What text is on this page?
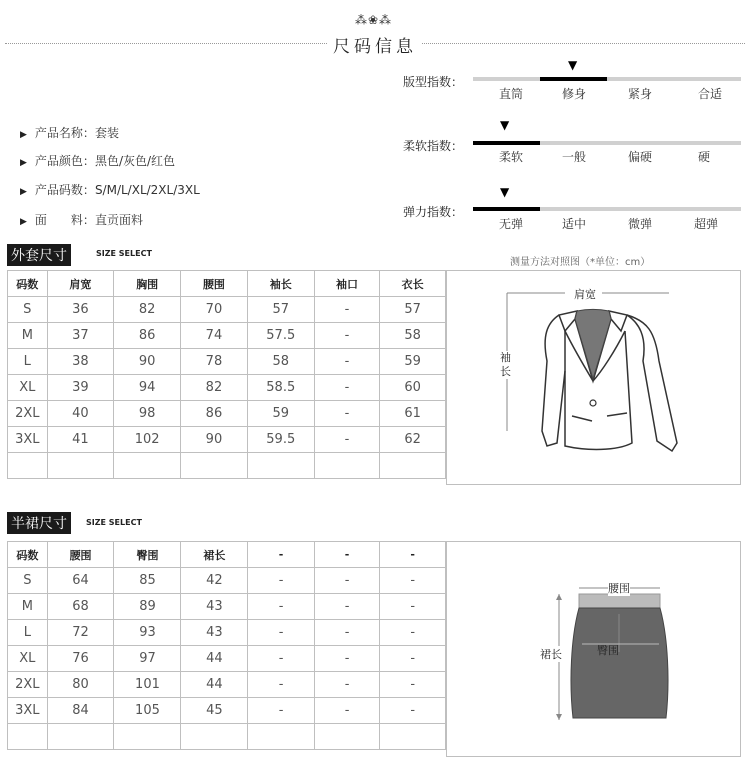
⁂❀⁂
尺码信息
▶ 产品名称：套装
▶ 产品颜色：黑色/灰色/红色
▶ 产品码数：S/M/L/XL/2XL/3XL
▶ 面　　料：直贡面料
版型指数：
▼
直筒	修身	紧身	合适
柔软指数：
▼
柔软	一般	偏硬	硬
弹力指数：
▼
无弹	适中	微弹	超弹
外套尺寸	SIZE SELECT
测量方法对照图（*单位：cm）
码数	肩宽	胸围	腰围	袖长	袖口	衣长
S	36	82	70	57	-	57
M	37	86	74	57.5	-	58
L	38	90	78	58	-	59
XL	39	94	82	58.5	-	60
2XL	40	98	86	59	-	61
3XL	41	102	90	59.5	-	62

肩宽
袖长
半裙尺寸	SIZE SELECT
码数	腰围	臀围	裙长	-	-	-
S	64	85	42	-	-	-
M	68	89	43	-	-	-
L	72	93	43	-	-	-
XL	76	97	44	-	-	-
2XL	80	101	44	-	-	-
3XL	84	105	45	-	-	-

腰围
臀围
裙长
